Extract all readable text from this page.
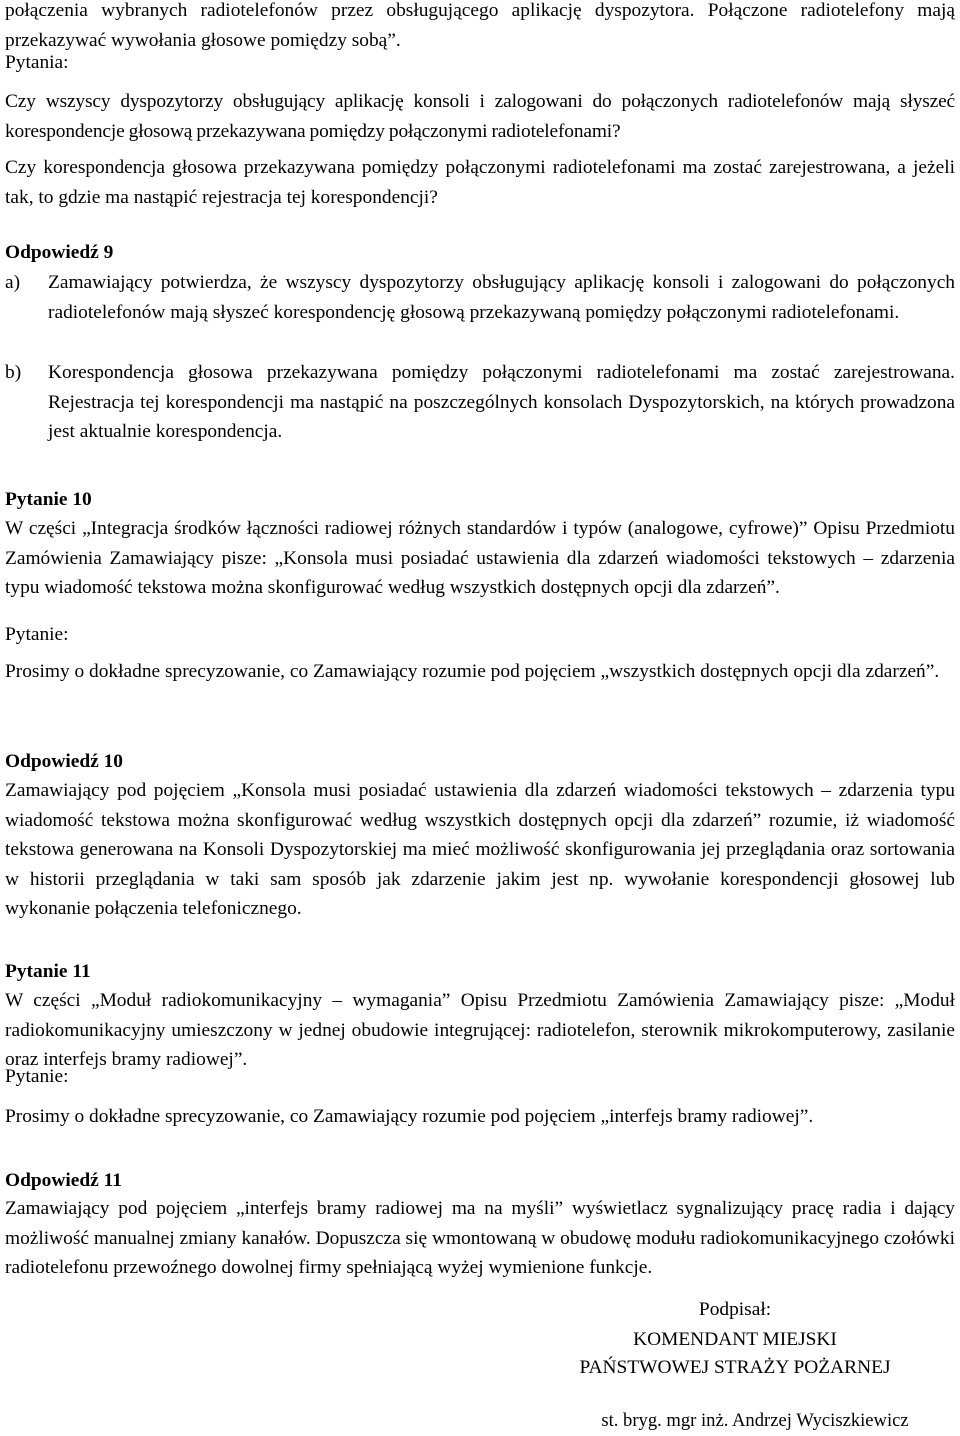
połączenia wybranych radiotelefonów przez obsługującego aplikację dyspozytora. Połączone radiotelefony mają przekazywać wywołania głosowe pomiędzy sobą”.

Pytania:

Czy wszyscy dyspozytorzy obsługujący aplikację konsoli i zalogowani do połączonych radiotelefonów mają słyszeć korespondencje głosową przekazywana pomiędzy połączonymi radiotelefonami?

Czy korespondencja głosowa przekazywana pomiędzy połączonymi radiotelefonami ma zostać zarejestrowana, a jeżeli tak, to gdzie ma nastąpić rejestracja tej korespondencji?

Odpowiedź 9

a)	Zamawiający potwierdza, że wszyscy dyspozytorzy obsługujący aplikację konsoli i zalogowani do połączonych radiotelefonów mają słyszeć korespondencję głosową przekazywaną pomiędzy połączonymi radiotelefonami.
b)	Korespondencja głosowa przekazywana pomiędzy połączonymi radiotelefonami ma zostać zarejestrowana. Rejestracja tej korespondencji ma nastąpić na poszczególnych konsolach Dyspozytorskich, na których prowadzona jest aktualnie korespondencja.

Pytanie 10

W części „Integracja środków łączności radiowej różnych standardów i typów (analogowe, cyfrowe)” Opisu Przedmiotu Zamówienia Zamawiający pisze: „Konsola musi posiadać ustawienia dla zdarzeń wiadomości tekstowych – zdarzenia typu wiadomość tekstowa można skonfigurować według wszystkich dostępnych opcji dla zdarzeń”.

Pytanie:

Prosimy o dokładne sprecyzowanie, co Zamawiający rozumie pod pojęciem „wszystkich dostępnych opcji dla zdarzeń”.

Odpowiedź 10

Zamawiający pod pojęciem „Konsola musi posiadać ustawienia dla zdarzeń wiadomości tekstowych – zdarzenia typu wiadomość tekstowa można skonfigurować według wszystkich dostępnych opcji dla zdarzeń” rozumie, iż wiadomość tekstowa generowana na Konsoli Dyspozytorskiej ma mieć możliwość skonfigurowania jej przeglądania oraz sortowania w historii przeglądania w taki sam sposób jak zdarzenie jakim jest np. wywołanie korespondencji głosowej lub wykonanie połączenia telefonicznego.

Pytanie 11

W części „Moduł radiokomunikacyjny – wymagania” Opisu Przedmiotu Zamówienia Zamawiający pisze: „Moduł radiokomunikacyjny umieszczony w jednej obudowie integrującej: radiotelefon, sterownik mikrokomputerowy, zasilanie oraz interfejs bramy radiowej”.

Pytanie:

Prosimy o dokładne sprecyzowanie, co Zamawiający rozumie pod pojęciem „interfejs bramy radiowej”.

Odpowiedź 11

Zamawiający pod pojęciem „interfejs bramy radiowej ma na myśli” wyświetlacz sygnalizujący pracę radia i dający możliwość manualnej zmiany kanałów. Dopuszcza się wmontowaną w obudowę modułu radiokomunikacyjnego czołówki radiotelefonu przewoźnego dowolnej firmy spełniającą wyżej wymienione funkcje.

Podpisał:
KOMENDANT MIEJSKI
PAŃSTWOWEJ STRAŻY POŻARNEJ
st. bryg. mgr inż. Andrzej Wyciszkiewicz
